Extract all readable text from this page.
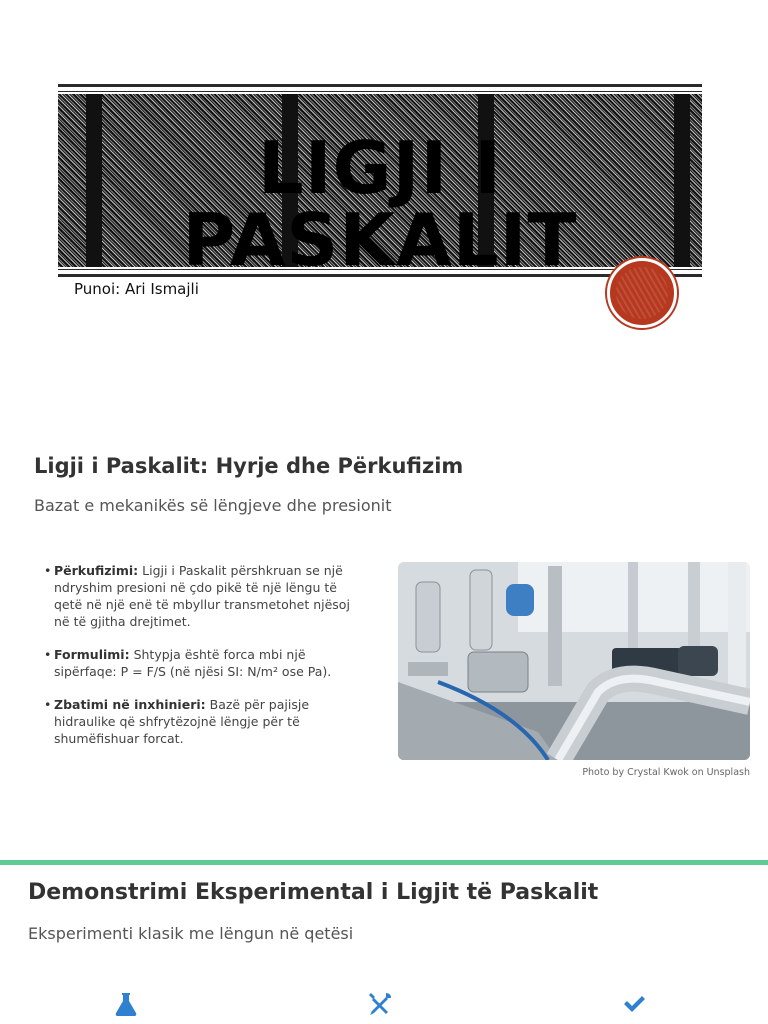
LIGJI I PASKALIT
Punoi: Ari Ismajli
Ligji i Paskalit: Hyrje dhe Përkufizim
Bazat e mekanikës së lëngjeve dhe presionit
• Përkufizimi: Ligji i Paskalit përshkruan se një ndryshim presioni në çdo pikë të një lëngu të qetë në një enë të mbyllur transmetohet njësoj në të gjitha drejtimet.
• Formulimi: Shtypja është forca mbi një sipërfaqe: P = F/S (në njësi SI: N/m² ose Pa).
• Zbatimi në inxhinieri: Bazë për pajisje hidraulike që shfrytëzojnë lëngje për të shumëfishuar forcat.
Photo by Crystal Kwok on Unsplash
Demonstrimi Eksperimental i Ligjit të Paskalit
Eksperimenti klasik me lëngun në qetësi
